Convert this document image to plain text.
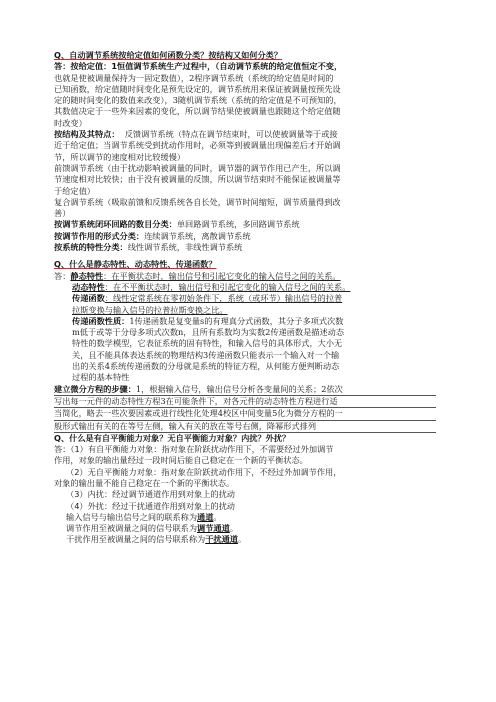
Q、自动调节系统按给定值如何函数分类？按结构又如何分类？

答：按给定值：1恒值调节系统生产过程中，（自动调节系统的给定值恒定不变，

也就是使被调量保持为一固定数值），2程序调节系统（系统的给定值是时间的

已知函数，给定值随时间变化是预先设定的，调节系统用来保证被调量按预先设

定的随时间变化的数值来改变），3随机调节系统（系统的给定值是不可预知的，

其数值决定于一些外来因素的变化，所以调节结果使被调量也跟随这个给定值随

时改变）

按结构及其特点： 反馈调节系统（特点在调节结束时，可以使被调量等于或接

近于给定值；当调节系统受到扰动作用时，必须等到被调量出现偏差后才开始调

节，所以调节的速度相对比较缓慢）

前馈调节系统（由于扰动影响被调量的同时，调节器的调节作用已产生，所以调

节速度相对比较快；由于没有被调量的反馈，所以调节结束时不能保证被调量等

于给定值）

复合调节系统（吸取前馈和反馈系统各自长处，调节时间缩短，调节质量得到改

善）

按调节系统闭环回路的数目分类：单回路调节系统，多回路调节系统

按调节作用的形式分类：连续调节系统，离散调节系统

按系统的特性分类：线性调节系统，非线性调节系统

Q、什么是静态特性、动态特性、传递函数？

答：静态特性：在平衡状态时，输出信号和引起它变化的输入信号之间的关系。

动态特性：在不平衡状态时，输出信号和引起它变化的输入信号之间的关系。

传递函数：线性定常系统在零初始条件下，系统（或环节）输出信号的拉普

拉斯变换与输入信号的拉普拉斯变换之比。

传递函数性质：1传递函数是复变量s的有理真分式函数，其分子多项式次数

m低于或等于分母多项式次数n，且所有系数均为实数2传递函数是描述动态

特性的数学模型，它表征系统的固有特性，和输入信号的具体形式，大小无

关，且不能具体表达系统的物理结构3传递函数只能表示一个输入对一个输

出的关系4系统传递函数的分母就是系统的特征方程，从何能方便判断动态

过程的基本特性

建立微分方程的步骤：1，根据输入信号，输出信号分析各变量间的关系；2依次

写出每一元件的动态特性方程3在可能条件下，对各元件的动态特性方程进行适

当简化，略去一些次要因素或进行线性化处理4校区中间变量5化为微分方程的一

般形式输出有关的在等号左侧，输入有关的放在等号右侧，降幂形式排列

Q、什么是有自平衡能力对象？无自平衡能力对象？内扰？外扰？

答：（1）有自平衡能力对象：指对象在阶跃扰动作用下，不需要经过外加调节

作用，对象的输出量经过一段时间后能自己稳定在一个新的平衡状态。

（2）无自平衡能力对象：指对象在阶跃扰动作用下，不经过外加调节作用，

对象的输出量不能自己稳定在一个新的平衡状态。

（3）内扰：经过调节通道作用到对象上的扰动

（4）外扰：经过干扰通道作用到对象上的扰动

输入信号与输出信号之间的联系称为通道。

调节作用至被调量之间的信号联系为调节通道。

干扰作用至被调量之间的信号联系称为干扰通道。
